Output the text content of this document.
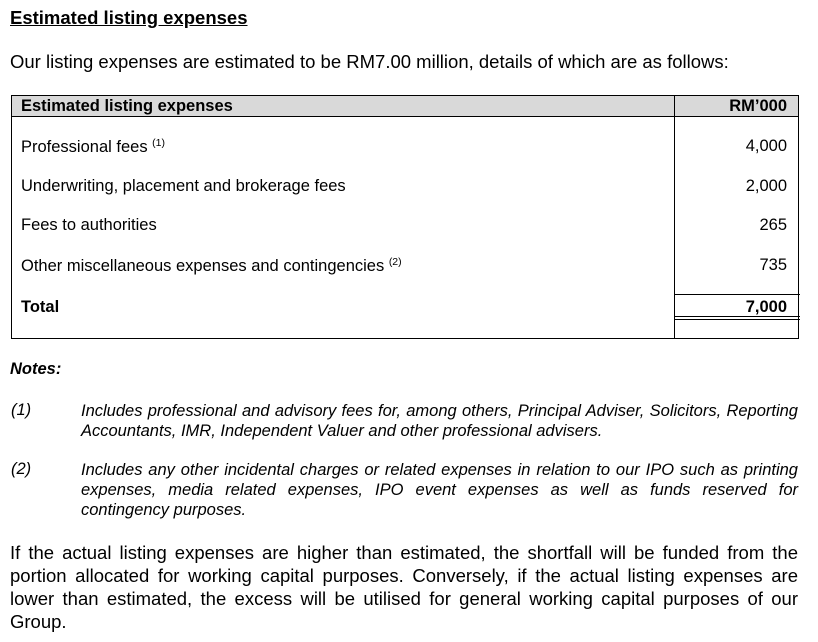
Estimated listing expenses
Our listing expenses are estimated to be RM7.00 million, details of which are as follows:
Estimated listing expenses	RM’000
Professional fees $^{(1)}$	4,000
Underwriting, placement and brokerage fees	2,000
Fees to authorities	265
Other miscellaneous expenses and contingencies $^{(2)}$	735
Total	7,000
Notes:
(1)	Includes professional and advisory fees for, among others, Principal Adviser, Solicitors, Reporting Accountants, IMR, Independent Valuer and other professional advisers.
(2)	Includes any other incidental charges or related expenses in relation to our IPO such as printing expenses, media related expenses, IPO event expenses as well as funds reserved for contingency purposes.
If the actual listing expenses are higher than estimated, the shortfall will be funded from the portion allocated for working capital purposes. Conversely, if the actual listing expenses are lower than estimated, the excess will be utilised for general working capital purposes of our Group.
